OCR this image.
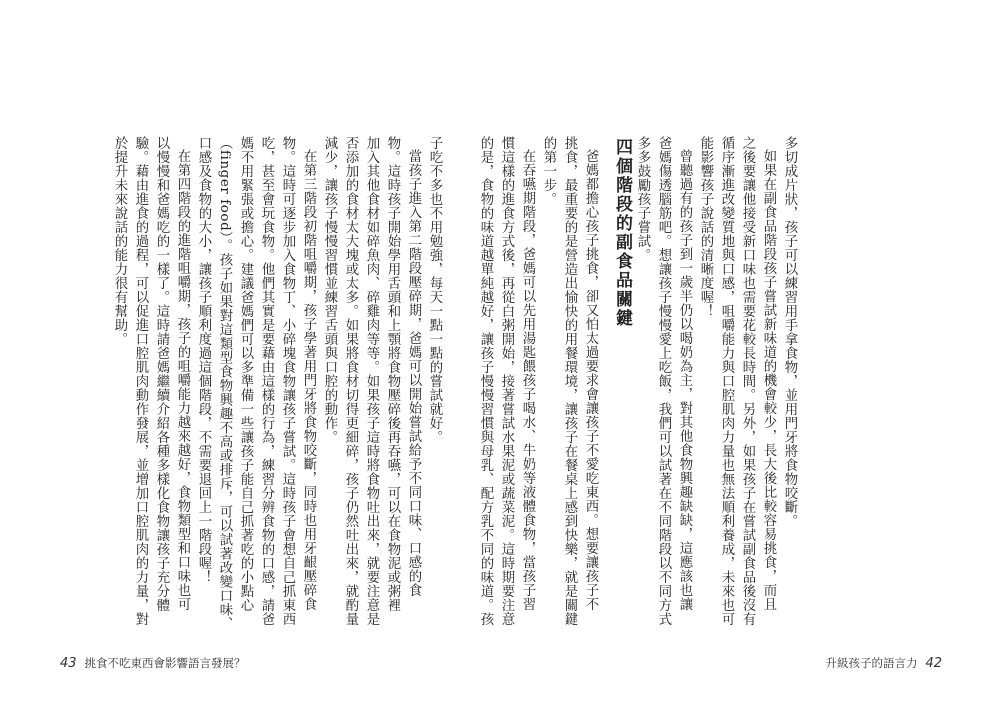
子吃不多也不用勉強，每天一點一點的嘗試就好。

當孩子進入第二階段壓碎期，爸媽可以開始嘗試給予不同口味、口感的食

物。這時孩子開始學用舌頭和上顎將食物壓碎後再吞嚥，可以在食物泥或粥裡

加入其他食材如碎魚肉、碎雞肉等等。如果孩子這時將食物吐出來，就要注意是

否添加的食材太大塊或太多。如果將食材切得更細碎，孩子仍然吐出來，就酌量

減少，讓孩子慢慢習慣並練習舌頭與口腔的動作。

在第三階段初階咀嚼期，孩子學著用門牙將食物咬斷，同時也用牙齦壓碎食

物。這時可逐步加入食物丁、小碎塊食物讓孩子嘗試。這時孩子會想自己抓東西

吃，甚至會玩食物。他們其實是要藉由這樣的行為，練習分辨食物的口感，請爸

媽不用緊張或擔心。建議爸媽們可以多準備一些讓孩子能自己抓著吃的小點心

（finger food）。孩子如果對這類型食物興趣不高或排斥，可以試著改變口味、

口感及食物的大小，讓孩子順利度過這個階段，不需要退回上一階段喔！

在第四階段的進階咀嚼期，孩子的咀嚼能力越來越好，食物類型和口味也可

以慢慢和爸媽吃的一樣了。這時請爸媽繼續介紹各種多樣化食物讓孩子充分體

驗。藉由進食的過程，可以促進口腔肌肉動作發展，並增加口腔肌肉的力量，對

於提升未來說話的能力很有幫助。

43 挑食不吃東西會影響語言發展？

多切成片狀，孩子可以練習用手拿食物，並用門牙將食物咬斷。

如果在副食品階段孩子嘗試新味道的機會較少，長大後比較容易挑食，而且

之後要讓他接受新口味也需要花較長時間。另外，如果孩子在嘗試副食品後沒有

循序漸進改變質地與口感，咀嚼能力與口腔肌肉力量也無法順利養成，未來也可

能影響孩子說話的清晰度喔！

曾聽過有的孩子到一歲半仍以喝奶為主，對其他食物興趣缺缺，這應該也讓

爸媽傷透腦筋吧。想讓孩子慢慢愛上吃飯，我們可以試著在不同階段以不同方式

多多鼓勵孩子嘗試。

四個階段的副食品關鍵

爸媽都擔心孩子挑食，卻又怕太過要求會讓孩子不愛吃東西。想要讓孩子不

挑食，最重要的是營造出愉快的用餐環境，讓孩子在餐桌上感到快樂，就是關鍵

的第一步。

在吞嚥期階段，爸媽可以先用湯匙餵孩子喝水、牛奶等液體食物，當孩子習

慣這樣的進食方式後，再從白粥開始，接著嘗試水果泥或蔬菜泥。這時期要注意

的是，食物的味道越單純越好，讓孩子慢慢習慣與母乳、配方乳不同的味道。孩

升級孩子的語言力 42
